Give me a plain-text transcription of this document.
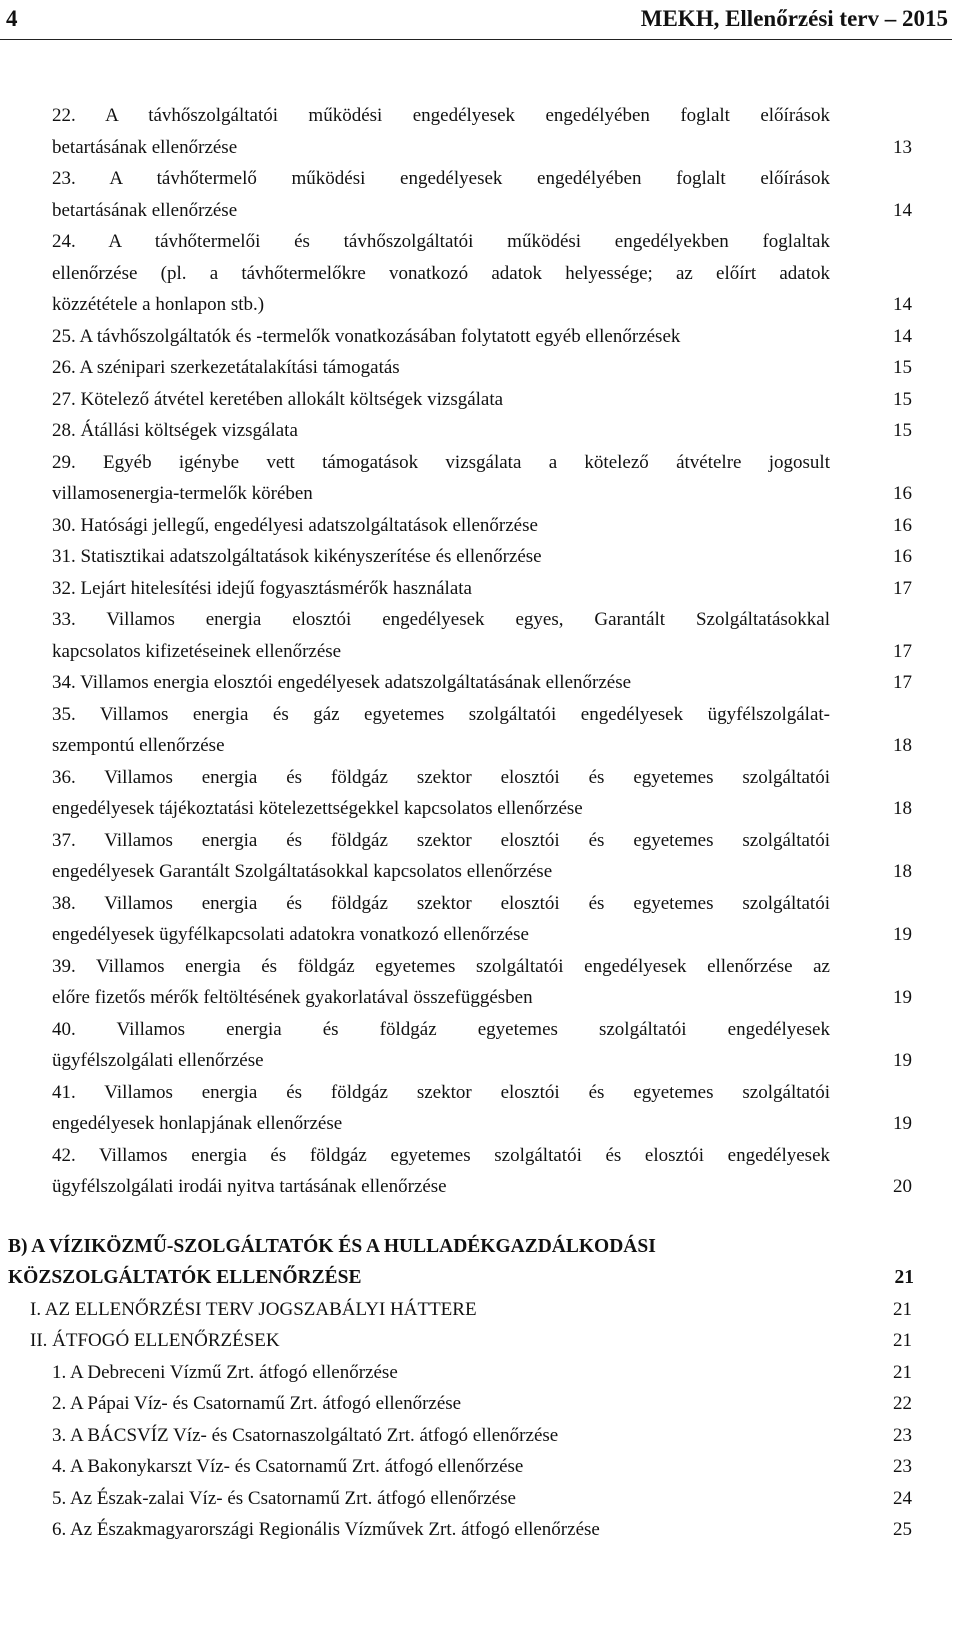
4	MEKH, Ellenőrzési terv – 2015
22. A távhőszolgáltatói működési engedélyesek engedélyében foglalt előírások
betartásának ellenőrzése	13
23. A távhőtermelő működési engedélyesek engedélyében foglalt előírások
betartásának ellenőrzése	14
24. A távhőtermelői és távhőszolgáltatói működési engedélyekben foglaltak
ellenőrzése (pl. a távhőtermelőkre vonatkozó adatok helyessége; az előírt adatok
közzététele a honlapon stb.)	14
25. A távhőszolgáltatók és -termelők vonatkozásában folytatott egyéb ellenőrzések	14
26. A szénipari szerkezetátalakítási támogatás	15
27. Kötelező átvétel keretében allokált költségek vizsgálata	15
28. Átállási költségek vizsgálata	15
29. Egyéb igénybe vett támogatások vizsgálata a kötelező átvételre jogosult
villamosenergia-termelők körében	16
30. Hatósági jellegű, engedélyesi adatszolgáltatások ellenőrzése	16
31. Statisztikai adatszolgáltatások kikényszerítése és ellenőrzése	16
32. Lejárt hitelesítési idejű fogyasztásmérők használata	17
33. Villamos energia elosztói engedélyesek egyes, Garantált Szolgáltatásokkal
kapcsolatos kifizetéseinek ellenőrzése	17
34. Villamos energia elosztói engedélyesek adatszolgáltatásának ellenőrzése	17
35. Villamos energia és gáz egyetemes szolgáltatói engedélyesek ügyfélszolgálat-
szempontú ellenőrzése	18
36. Villamos energia és földgáz szektor elosztói és egyetemes szolgáltatói
engedélyesek tájékoztatási kötelezettségekkel kapcsolatos ellenőrzése	18
37. Villamos energia és földgáz szektor elosztói és egyetemes szolgáltatói
engedélyesek Garantált Szolgáltatásokkal kapcsolatos ellenőrzése	18
38. Villamos energia és földgáz szektor elosztói és egyetemes szolgáltatói
engedélyesek ügyfélkapcsolati adatokra vonatkozó ellenőrzése	19
39. Villamos energia és földgáz egyetemes szolgáltatói engedélyesek ellenőrzése az
előre fizetős mérők feltöltésének gyakorlatával összefüggésben	19
40. Villamos energia és földgáz egyetemes szolgáltatói engedélyesek
ügyfélszolgálati ellenőrzése	19
41. Villamos energia és földgáz szektor elosztói és egyetemes szolgáltatói
engedélyesek honlapjának ellenőrzése	19
42. Villamos energia és földgáz egyetemes szolgáltatói és elosztói engedélyesek
ügyfélszolgálati irodái nyitva tartásának ellenőrzése	20
B) A VÍZIKÖZMŰ-SZOLGÁLTATÓK ÉS A HULLADÉKGAZDÁLKODÁSI
KÖZSZOLGÁLTATÓK ELLENŐRZÉSE	21
I. AZ ELLENŐRZÉSI TERV JOGSZABÁLYI HÁTTERE	21
II. ÁTFOGÓ ELLENŐRZÉSEK	21
1. A Debreceni Vízmű Zrt. átfogó ellenőrzése	21
2. A Pápai Víz- és Csatornamű Zrt. átfogó ellenőrzése	22
3. A BÁCSVÍZ Víz- és Csatornaszolgáltató Zrt. átfogó ellenőrzése	23
4. A Bakonykarszt Víz- és Csatornamű Zrt. átfogó ellenőrzése	23
5. Az Észak-zalai Víz- és Csatornamű Zrt. átfogó ellenőrzése	24
6. Az Északmagyarországi Regionális Vízművek Zrt. átfogó ellenőrzése	25
